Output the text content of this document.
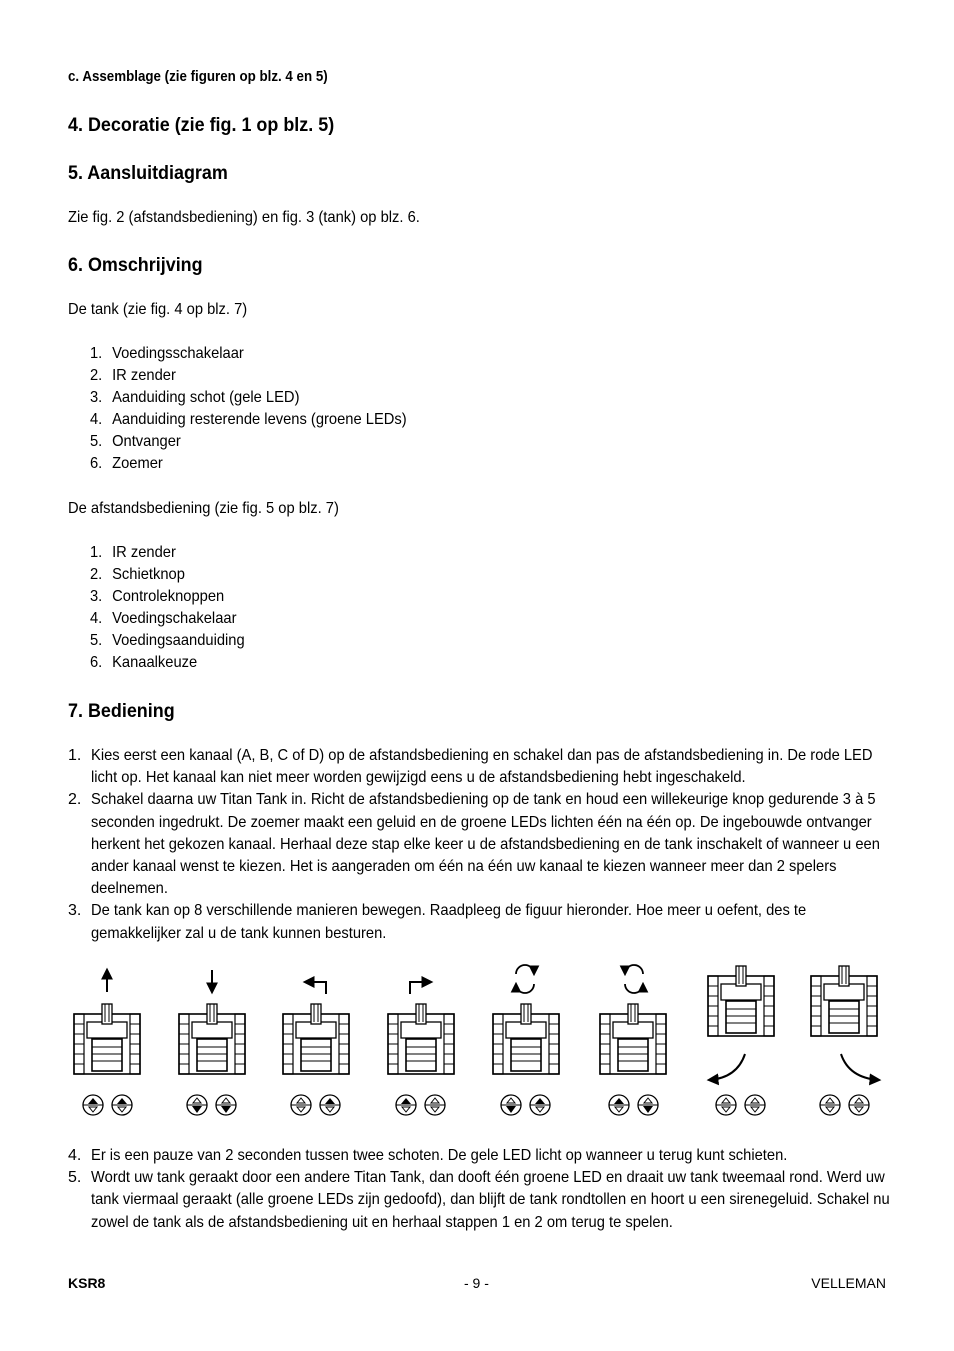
c. Assemblage (zie figuren op blz. 4 en 5)
4. Decoratie (zie fig. 1 op blz. 5)
5. Aansluitdiagram

Zie fig. 2 (afstandsbediening) en fig. 3 (tank) op blz. 6.

6. Omschrijving

De tank (zie fig. 4 op blz. 7)

1. Voedingsschakelaar
2. IR zender
3. Aanduiding schot (gele LED)
4. Aanduiding resterende levens (groene LEDs)
5. Ontvanger
6. Zoemer

De afstandsbediening (zie fig. 5 op blz. 7)

1. IR zender
2. Schietknop
3. Controleknoppen
4. Voedingschakelaar
5. Voedingsaanduiding
6. Kanaalkeuze
7. Bediening
1. Kies eerst een kanaal (A, B, C of D) op de afstandsbediening en schakel dan pas de afstandsbediening in. De rode LED licht op. Het kanaal kan niet meer worden gewijzigd eens u de afstandsbediening hebt ingeschakeld.
2. Schakel daarna uw Titan Tank in. Richt de afstandsbediening op de tank en houd een willekeurige knop gedurende 3 à 5 seconden ingedrukt. De zoemer maakt een geluid en de groene LEDs lichten één na één op. De ingebouwde ontvanger herkent het gekozen kanaal. Herhaal deze stap elke keer u de afstandsbediening en de tank inschakelt of wanneer u een ander kanaal wenst te kiezen. Het is aangeraden om één na één uw kanaal te kiezen wanneer meer dan 2 spelers deelnemen.
3. De tank kan op 8 verschillende manieren bewegen. Raadpleeg de figuur hieronder. Hoe meer u oefent, des te gemakkelijker zal u de tank kunnen besturen.
4. Er is een pauze van 2 seconden tussen twee schoten. De gele LED licht op wanneer u terug kunt schieten.
5. Wordt uw tank geraakt door een andere Titan Tank, dan dooft één groene LED en draait uw tank tweemaal rond. Werd uw tank viermaal geraakt (alle groene LEDs zijn gedoofd), dan blijft de tank rondtollen en hoort u een sirenegeluid. Schakel nu zowel de tank als de afstandsbediening uit en herhaal stappen 1 en 2 om terug te spelen.
KSR8	- 9 -	VELLEMAN
